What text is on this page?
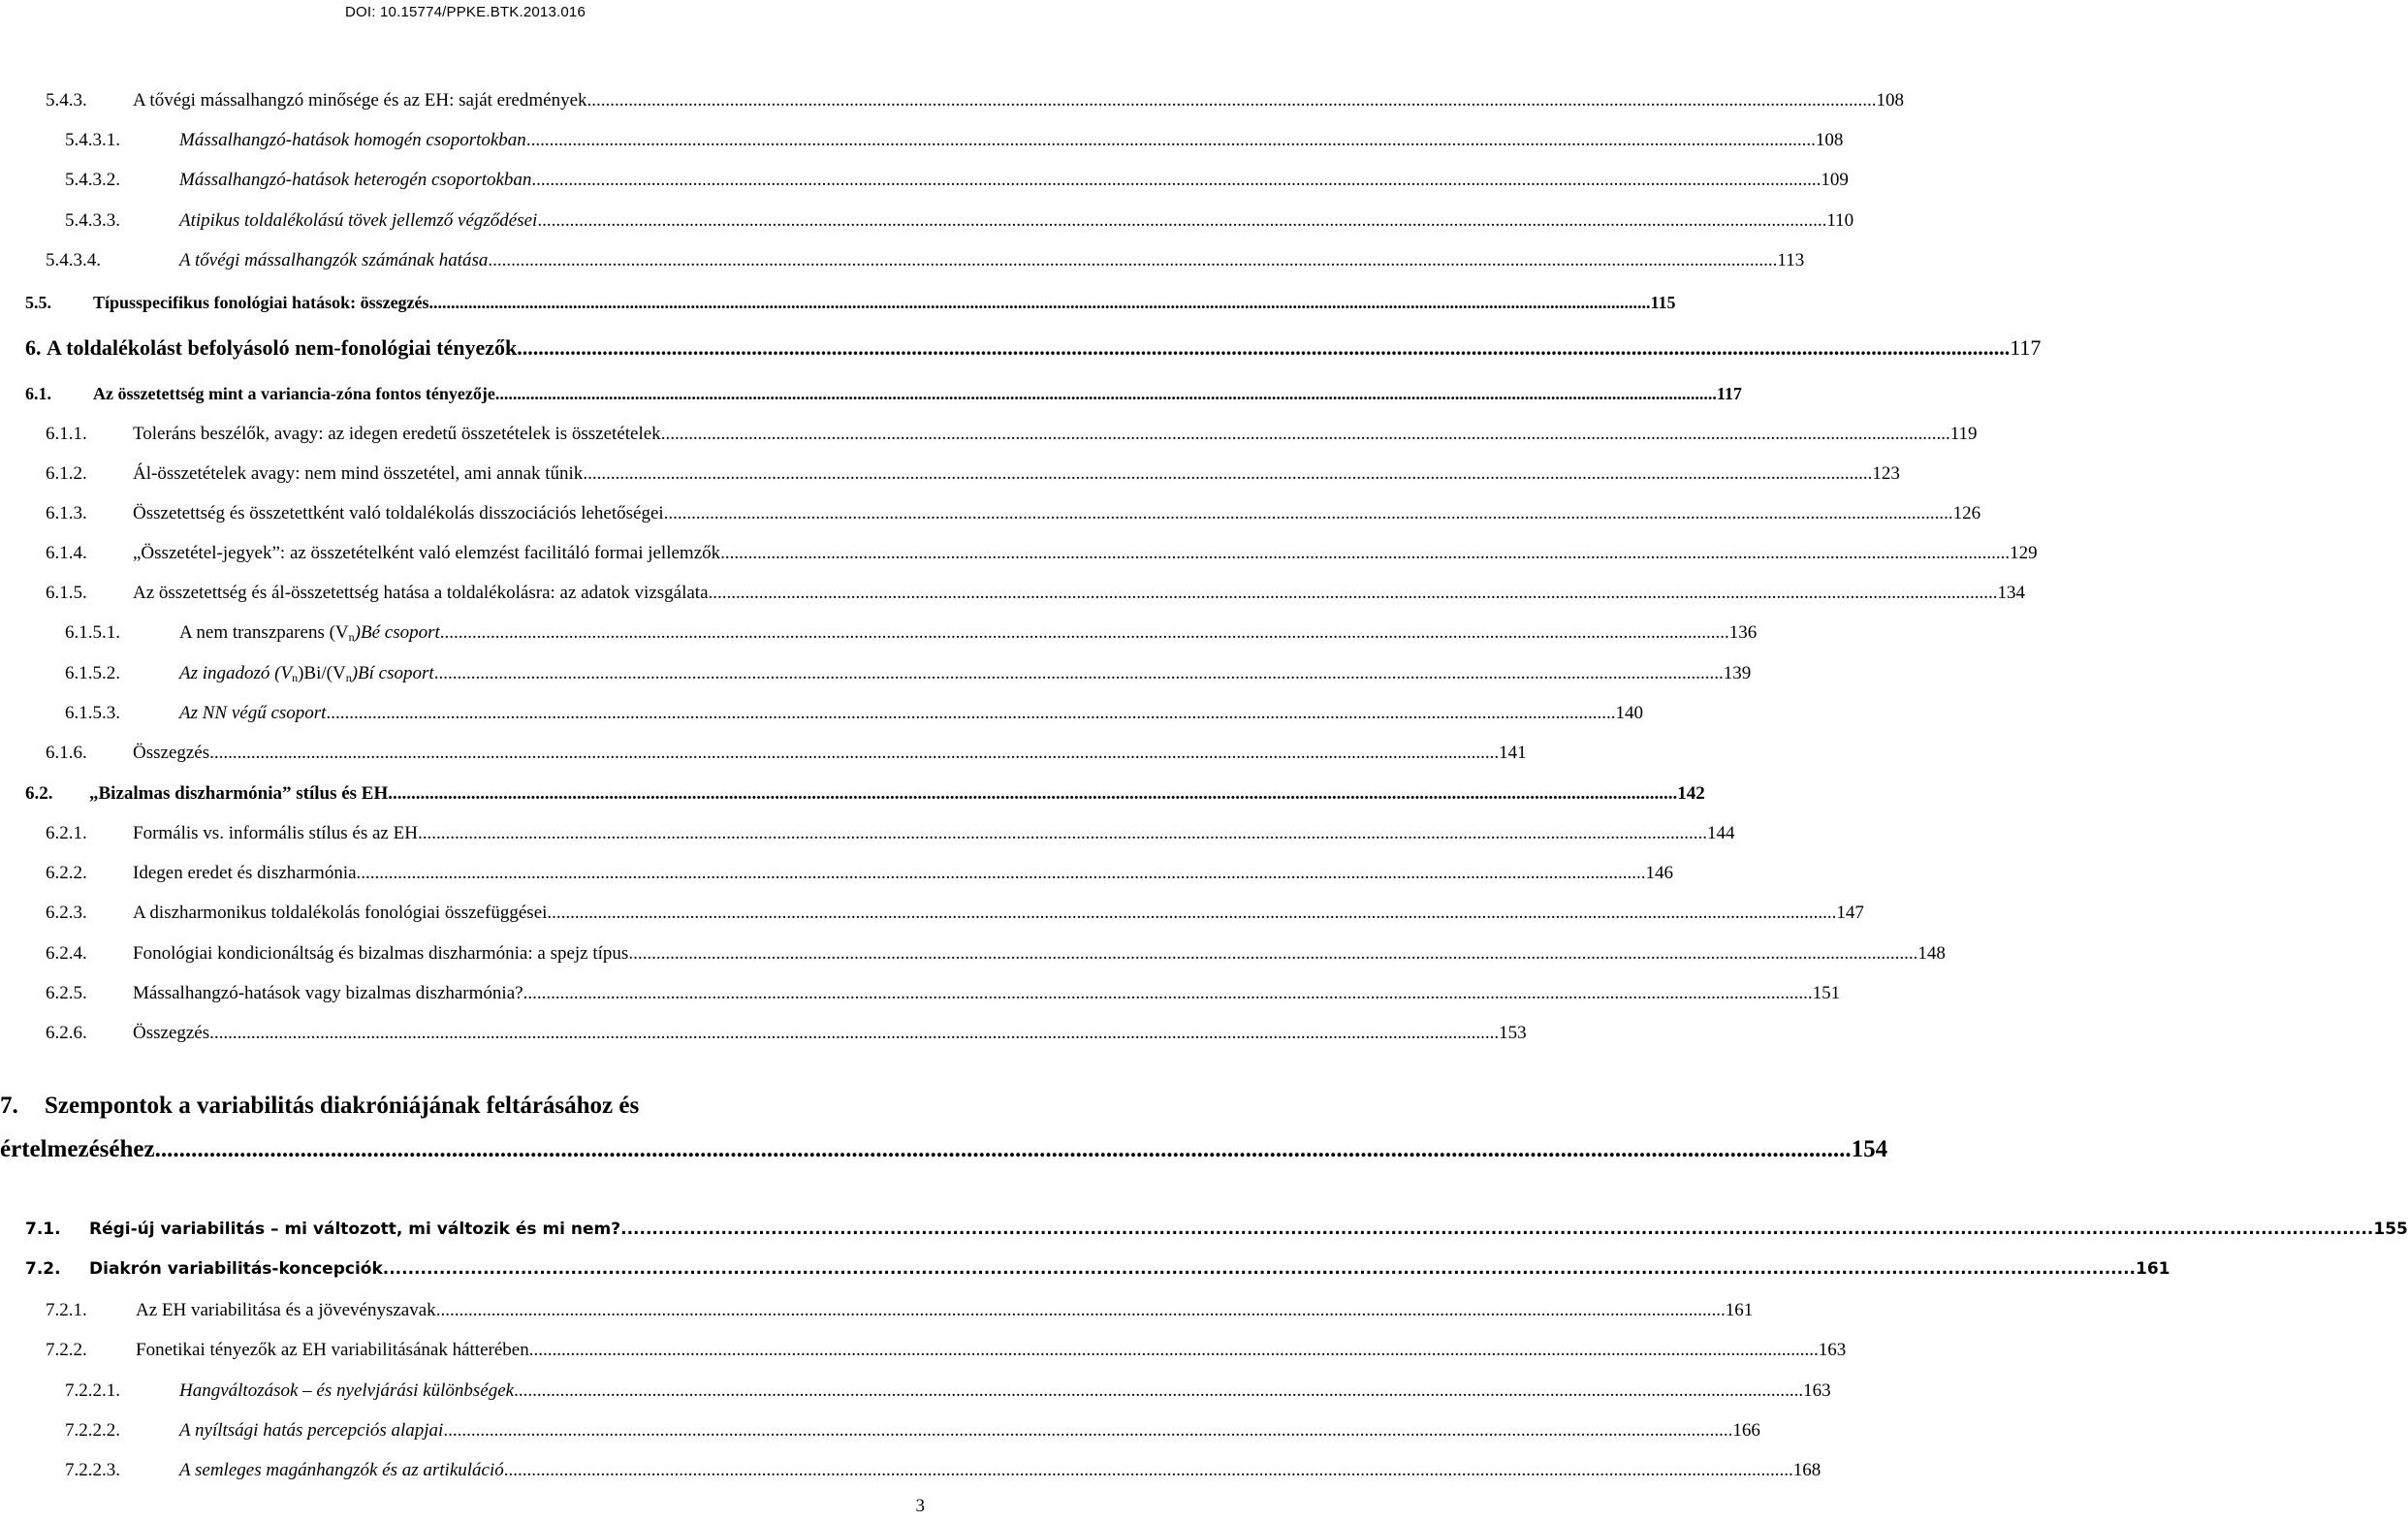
DOI: 10.15774/PPKE.BTK.2013.016
5.4.3. A tővégi mássalhangzó minősége és az EH: saját eredmények .....	108
5.4.3.1.	Mássalhangzó-hatások homogén csoportokban .....	108
5.4.3.2.	Mássalhangzó-hatások heterogén csoportokban .....	109
5.4.3.3.	Atipikus toldalékolású tövek jellemző végződései .....	110
5.4.3.4.	A tővégi mássalhangzók számának hatása .....	113
5.5. Típusspecifikus fonológiai hatások: összegzés .....	115
6. A toldalékolást befolyásoló nem-fonológiai tényezők .....	117
6.1. Az összetettség mint a variancia-zóna fontos tényezője .....	117
6.1.1. Toleráns beszélők, avagy: az idegen eredetű összetételek is összetételek .....	119
6.1.2. Ál-összetételek avagy: nem mind összetétel, ami annak tűnik .....	123
6.1.3. Összetettség és összetettként való toldalékolás disszociációs lehetőségei .....	126
6.1.4. „Összetétel-jegyek”: az összetételként való elemzést facilitáló formai jellemzők .....	129
6.1.5. Az összetettség és ál-összetettség hatása a toldalékolásra: az adatok vizsgálata .....	134
6.1.5.1.	A nem transzparens $(V_n)Bé$ csoport .....	136
6.1.5.2.	Az ingadozó $(V_n)Bi/(V_n)Bí$ csoport .....	139
6.1.5.3.	Az NN végű csoport .....	140
6.1.6. Összegzés .....	141
6.2. „Bizalmas diszharmónia” stílus és EH .....	142
6.2.1. Formális vs. informális stílus és az EH .....	144
6.2.2. Idegen eredet és diszharmónia .....	146
6.2.3. A diszharmonikus toldalékolás fonológiai összefüggései .....	147
6.2.4. Fonológiai kondicionáltság és bizalmas diszharmónia: a spejz típus .....	148
6.2.5. Mássalhangzó-hatások vagy bizalmas diszharmónia? .....	151
6.2.6. Összegzés .....	153
7.	Szempontok a variabilitás diakróniájának feltárásához és
értelmezéséhez .....	154
7.1. Régi-új variabilitás – mi változott, mi változik és mi nem? .....	155
7.2. Diakrón variabilitás-koncepciók .....	161
7.2.1.	Az EH variabilitása és a jövevényszavak .....	161
7.2.2.	Fonetikai tényezők az EH variabilitásának hátterében .....	163
7.2.2.1.	Hangváltozások – és nyelvjárási különbségek .....	163
7.2.2.2.	A nyíltsági hatás percepciós alapjai .....	166
7.2.2.3.	A semleges magánhangzók és az artikuláció .....	168
3
